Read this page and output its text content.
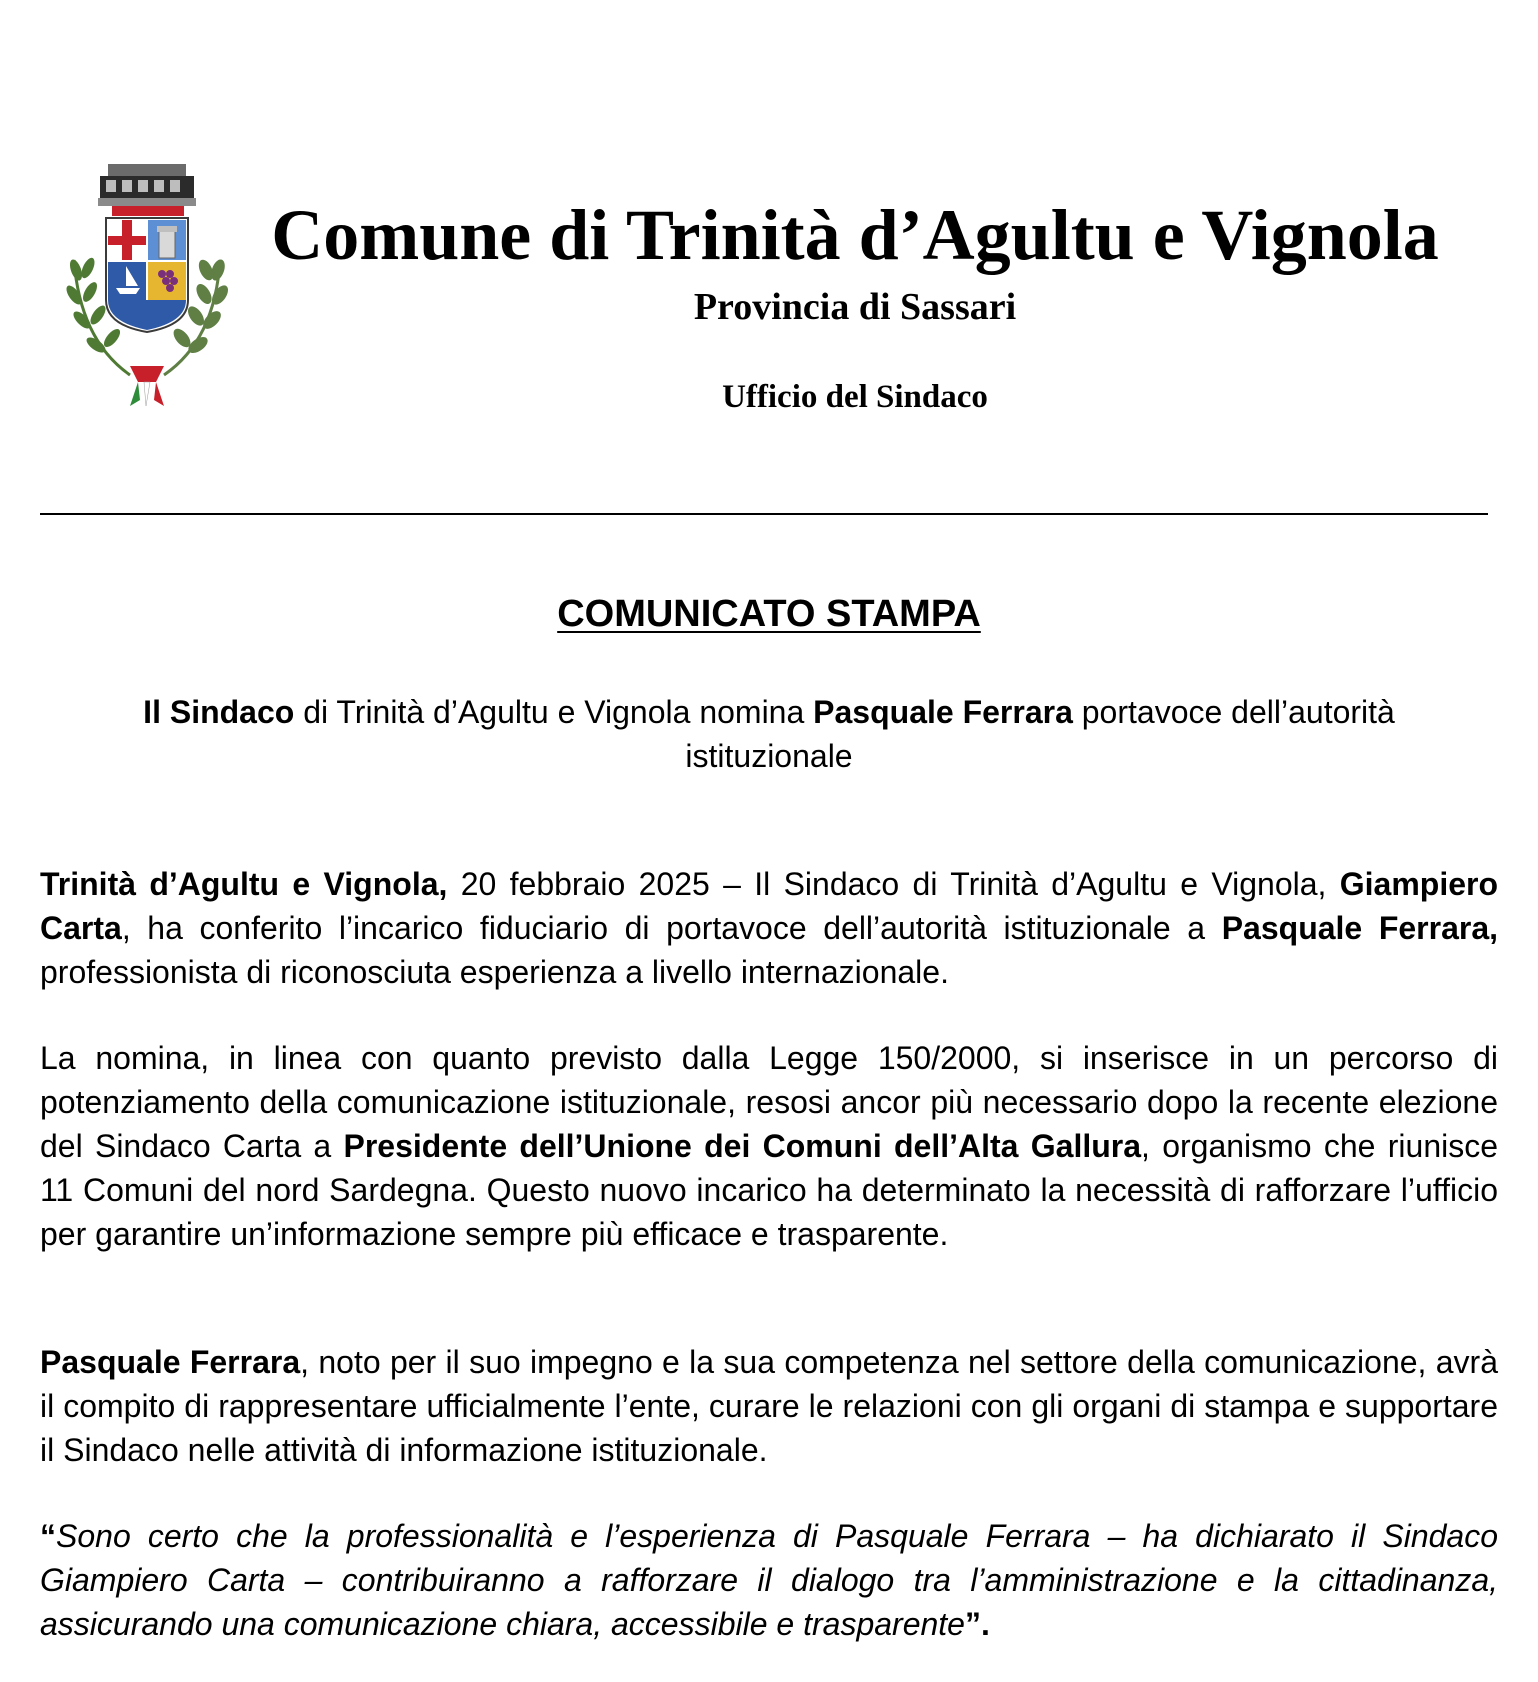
Comune di Trinità d’Agultu e Vignola
Provincia di Sassari
Ufficio del Sindaco
COMUNICATO STAMPA
Il Sindaco di Trinità d’Agultu e Vignola nomina Pasquale Ferrara portavoce dell’autorità istituzionale
Trinità d’Agultu e Vignola, 20 febbraio 2025 – Il Sindaco di Trinità d’Agultu e Vignola, Giampiero Carta, ha conferito l’incarico fiduciario di portavoce dell’autorità istituzionale a Pasquale Ferrara, professionista di riconosciuta esperienza a livello internazionale.
La nomina, in linea con quanto previsto dalla Legge 150/2000, si inserisce in un percorso di potenziamento della comunicazione istituzionale, resosi ancor più necessario dopo la recente elezione del Sindaco Carta a Presidente dell’Unione dei Comuni dell’Alta Gallura, organismo che riunisce 11 Comuni del nord Sardegna. Questo nuovo incarico ha determinato la necessità di rafforzare l’ufficio per garantire un’informazione sempre più efficace e trasparente.
Pasquale Ferrara, noto per il suo impegno e la sua competenza nel settore della comunicazione, avrà il compito di rappresentare ufficialmente l’ente, curare le relazioni con gli organi di stampa e supportare il Sindaco nelle attività di informazione istituzionale.
“Sono certo che la professionalità e l’esperienza di Pasquale Ferrara – ha dichiarato il Sindaco Giampiero Carta – contribuiranno a rafforzare il dialogo tra l’amministrazione e la cittadinanza, assicurando una comunicazione chiara, accessibile e trasparente”.
